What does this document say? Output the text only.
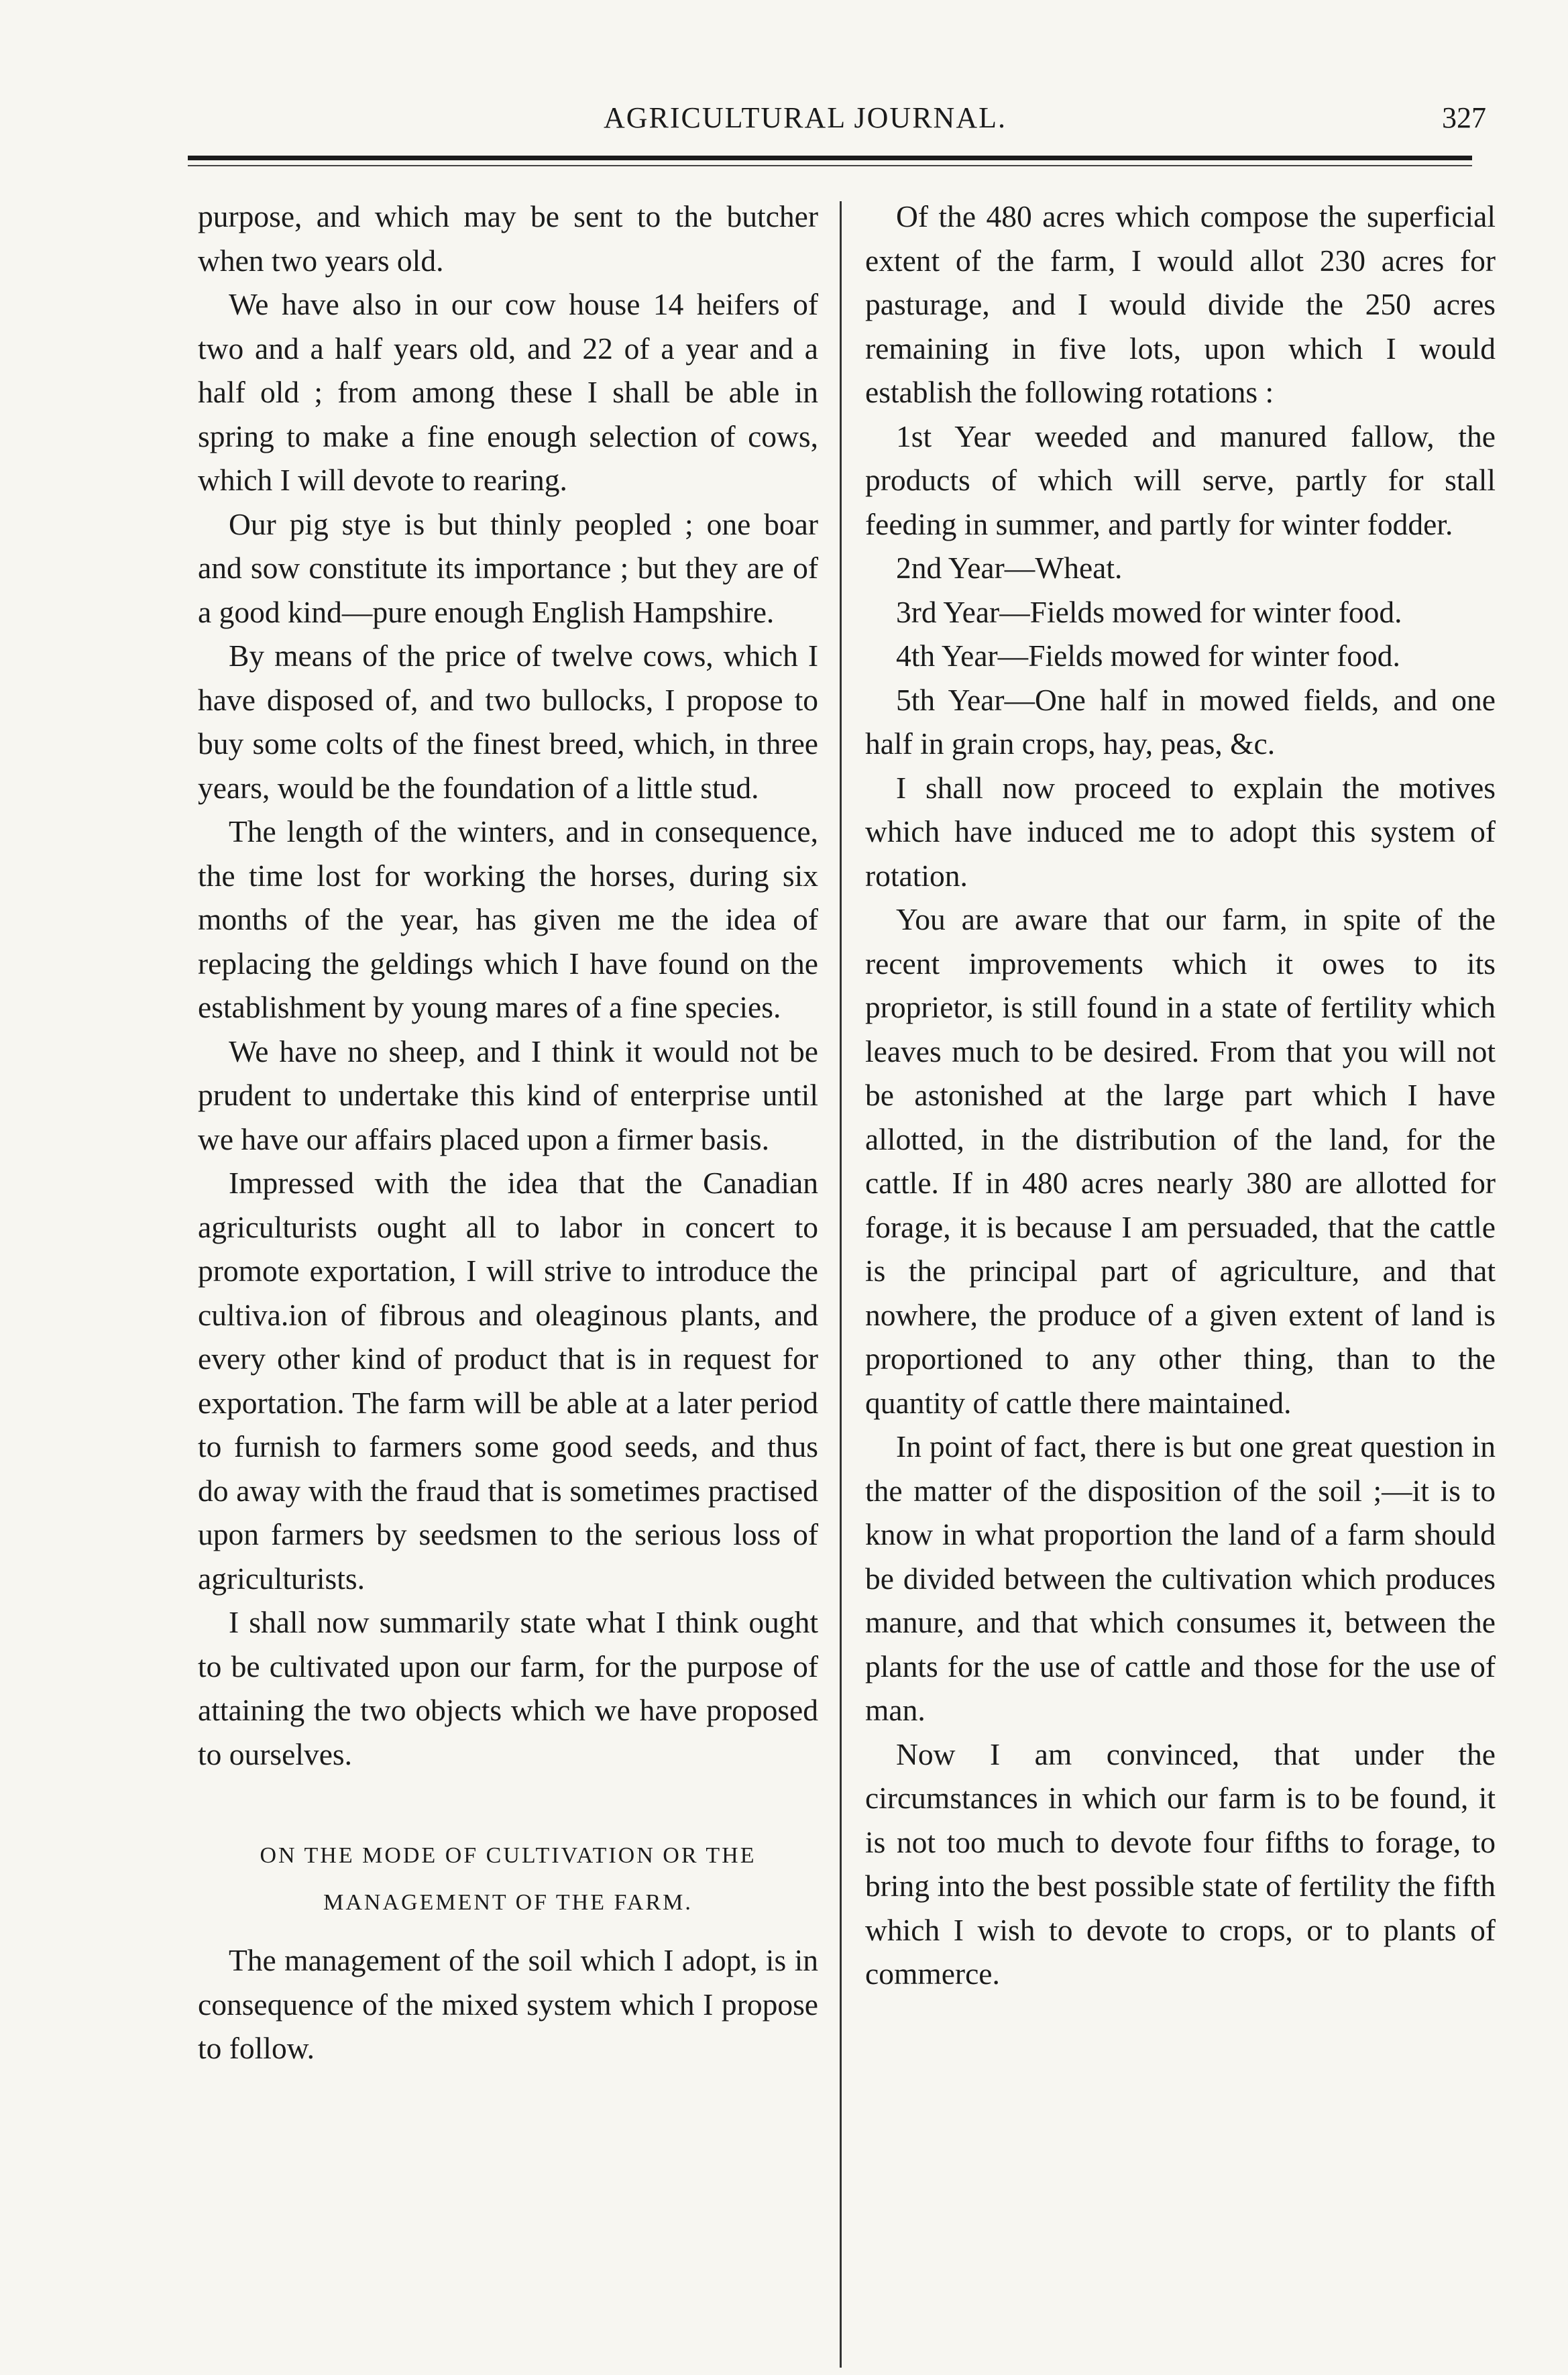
AGRICULTURAL JOURNAL.	327

purpose, and which may be sent to the butcher when two years old.

We have also in our cow house 14 heifers of two and a half years old, and 22 of a year and a half old ; from among these I shall be able in spring to make a fine enough selection of cows, which I will devote to rearing.

Our pig stye is but thinly peopled ; one boar and sow constitute its importance ; but they are of a good kind—pure enough English Hampshire.

By means of the price of twelve cows, which I have disposed of, and two bullocks, I propose to buy some colts of the finest breed, which, in three years, would be the foundation of a little stud.

The length of the winters, and in consequence, the time lost for working the horses, during six months of the year, has given me the idea of replacing the geldings which I have found on the establishment by young mares of a fine species.

We have no sheep, and I think it would not be prudent to undertake this kind of enterprise until we have our affairs placed upon a firmer basis.

Impressed with the idea that the Canadian agriculturists ought all to labor in concert to promote exportation, I will strive to introduce the cultiva.ion of fibrous and oleaginous plants, and every other kind of product that is in request for exportation. The farm will be able at a later period to furnish to farmers some good seeds, and thus do away with the fraud that is sometimes practised upon farmers by seedsmen to the serious loss of agriculturists.

I shall now summarily state what I think ought to be cultivated upon our farm, for the purpose of attaining the two objects which we have proposed to ourselves.

ON THE MODE OF CULTIVATION OR THE MANAGEMENT OF THE FARM.

The management of the soil which I adopt, is in consequence of the mixed system which I propose to follow.

Of the 480 acres which compose the superficial extent of the farm, I would allot 230 acres for pasturage, and I would divide the 250 acres remaining in five lots, upon which I would establish the following rotations :

1st Year weeded and manured fallow, the products of which will serve, partly for stall feeding in summer, and partly for winter fodder.

2nd Year—Wheat.

3rd Year—Fields mowed for winter food.

4th Year—Fields mowed for winter food.

5th Year—One half in mowed fields, and one half in grain crops, hay, peas, &c.

I shall now proceed to explain the motives which have induced me to adopt this system of rotation.

You are aware that our farm, in spite of the recent improvements which it owes to its proprietor, is still found in a state of fertility which leaves much to be desired. From that you will not be astonished at the large part which I have allotted, in the distribution of the land, for the cattle. If in 480 acres nearly 380 are allotted for forage, it is because I am persuaded, that the cattle is the principal part of agriculture, and that nowhere, the produce of a given extent of land is proportioned to any other thing, than to the quantity of cattle there maintained.

In point of fact, there is but one great question in the matter of the disposition of the soil ;—it is to know in what proportion the land of a farm should be divided between the cultivation which produces manure, and that which consumes it, between the plants for the use of cattle and those for the use of man.

Now I am convinced, that under the circumstances in which our farm is to be found, it is not too much to devote four fifths to forage, to bring into the best possible state of fertility the fifth which I wish to devote to crops, or to plants of commerce.
